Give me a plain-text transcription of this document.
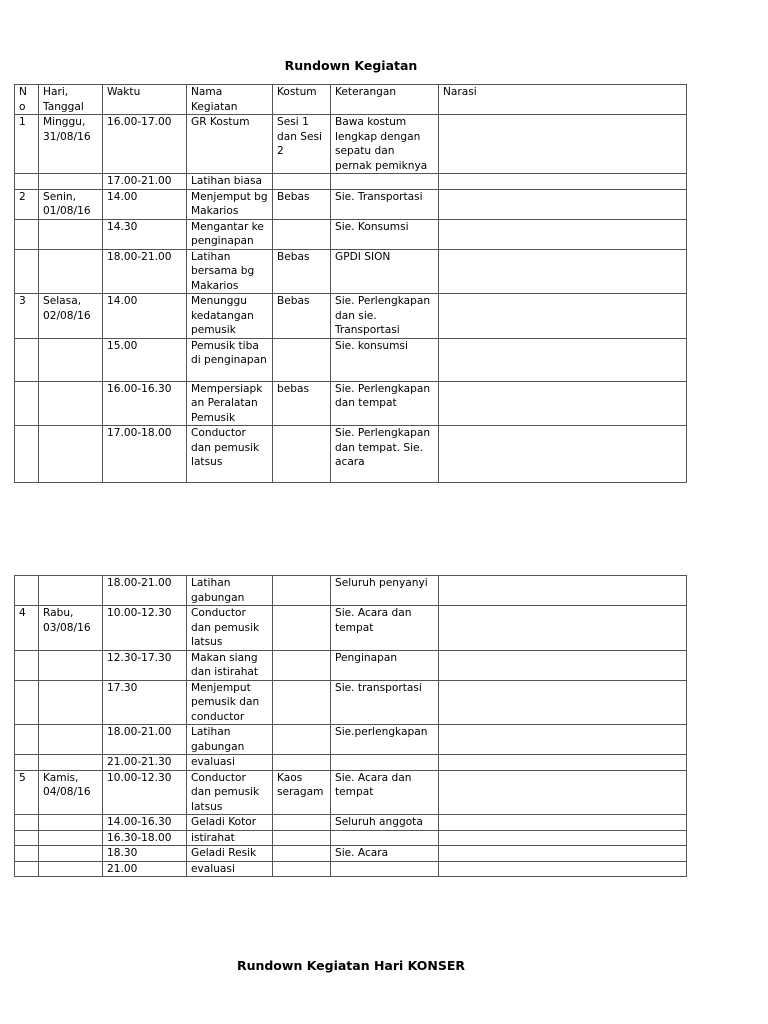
Rundown Kegiatan
N o	Hari, Tanggal	Waktu	Nama Kegiatan	Kostum	Keterangan	Narasi
1	Minggu, 31/08/16	16.00-17.00	GR Kostum	Sesi 1 dan Sesi 2	Bawa kostum lengkap dengan sepatu dan pernak pemiknya	
		17.00-21.00	Latihan biasa			
2	Senin, 01/08/16	14.00	Menjemput bg Makarios	Bebas	Sie. Transportasi	
		14.30	Mengantar ke penginapan		Sie. Konsumsi	
		18.00-21.00	Latihan bersama bg Makarios	Bebas	GPDI SION	
3	Selasa, 02/08/16	14.00	Menunggu kedatangan pemusik	Bebas	Sie. Perlengkapan dan sie. Transportasi	
		15.00	Pemusik tiba di penginapan		Sie. konsumsi	
		16.00-16.30	Mempersiapkan Peralatan Pemusik	bebas	Sie. Perlengkapan dan tempat	
		17.00-18.00	Conductor dan pemusik latsus		Sie. Perlengkapan dan tempat. Sie. acara	
		18.00-21.00	Latihan gabungan		Seluruh penyanyi	
4	Rabu, 03/08/16	10.00-12.30	Conductor dan pemusik latsus		Sie. Acara dan tempat	
		12.30-17.30	Makan siang dan istirahat		Penginapan	
		17.30	Menjemput pemusik dan conductor		Sie. transportasi	
		18.00-21.00	Latihan gabungan		Sie.perlengkapan	
		21.00-21.30	evaluasi			
5	Kamis, 04/08/16	10.00-12.30	Conductor dan pemusik latsus	Kaos seragam	Sie. Acara dan tempat	
		14.00-16.30	Geladi Kotor		Seluruh anggota	
		16.30-18.00	istirahat			
		18.30	Geladi Resik		Sie. Acara	
		21.00	evaluasi			
Rundown Kegiatan Hari KONSER
